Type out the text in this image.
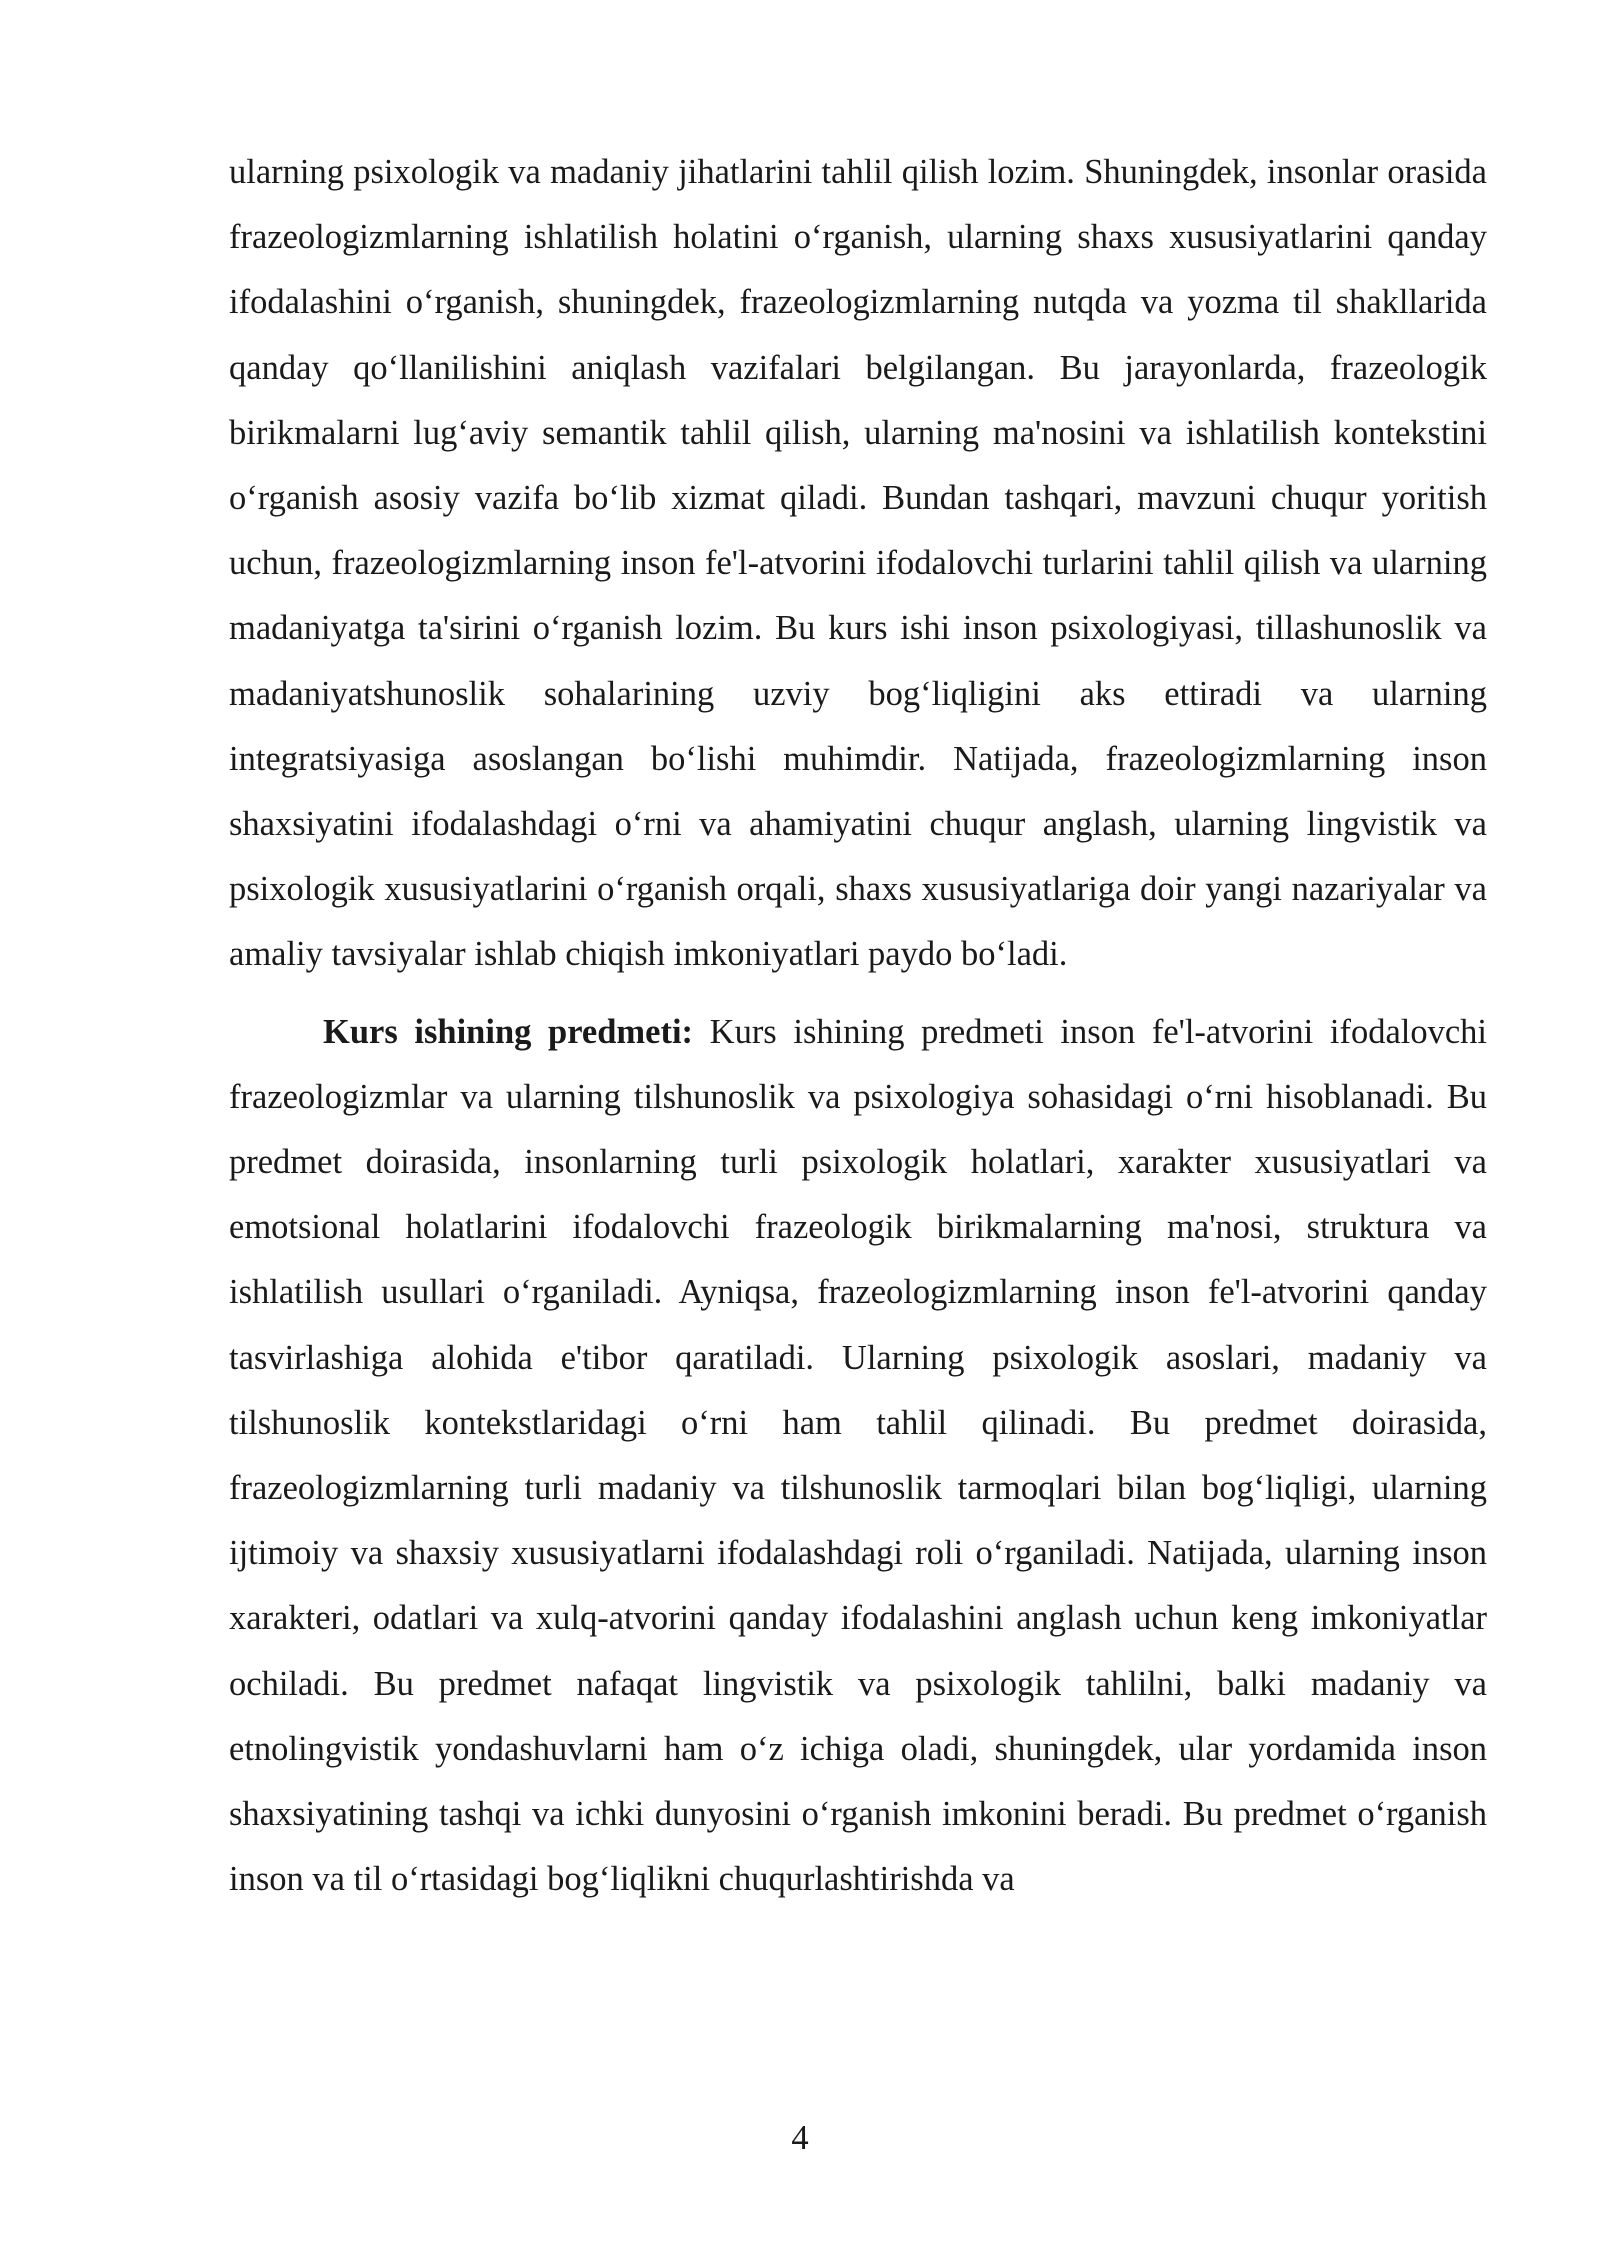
ularning psixologik va madaniy jihatlarini tahlil qilish lozim. Shuningdek, insonlar orasida frazeologizmlarning ishlatilish holatini o‘rganish, ularning shaxs xususiyatlarini qanday ifodalashini o‘rganish, shuningdek, frazeologizmlarning nutqda va yozma til shakllarida qanday qo‘llanilishini aniqlash vazifalari belgilangan. Bu jarayonlarda, frazeologik birikmalarni lug‘aviy semantik tahlil qilish, ularning ma'nosini va ishlatilish kontekstini o‘rganish asosiy vazifa bo‘lib xizmat qiladi. Bundan tashqari, mavzuni chuqur yoritish uchun, frazeologizmlarning inson fe'l-atvorini ifodalovchi turlarini tahlil qilish va ularning madaniyatga ta'sirini o‘rganish lozim. Bu kurs ishi inson psixologiyasi, tillashunoslik va madaniyatshunoslik sohalarining uzviy bog‘liqligini aks ettiradi va ularning integratsiyasiga asoslangan bo‘lishi muhimdir. Natijada, frazeologizmlarning inson shaxsiyatini ifodalashdagi o‘rni va ahamiyatini chuqur anglash, ularning lingvistik va psixologik xususiyatlarini o‘rganish orqali, shaxs xususiyatlariga doir yangi nazariyalar va amaliy tavsiyalar ishlab chiqish imkoniyatlari paydo bo‘ladi.

Kurs ishining predmeti: Kurs ishining predmeti inson fe'l-atvorini ifodalovchi frazeologizmlar va ularning tilshunoslik va psixologiya sohasidagi o‘rni hisoblanadi. Bu predmet doirasida, insonlarning turli psixologik holatlari, xarakter xususiyatlari va emotsional holatlarini ifodalovchi frazeologik birikmalarning ma'nosi, struktura va ishlatilish usullari o‘rganiladi. Ayniqsa, frazeologizmlarning inson fe'l-atvorini qanday tasvirlashiga alohida e'tibor qaratiladi. Ularning psixologik asoslari, madaniy va tilshunoslik kontekstlaridagi o‘rni ham tahlil qilinadi. Bu predmet doirasida, frazeologizmlarning turli madaniy va tilshunoslik tarmoqlari bilan bog‘liqligi, ularning ijtimoiy va shaxsiy xususiyatlarni ifodalashdagi roli o‘rganiladi. Natijada, ularning inson xarakteri, odatlari va xulq-atvorini qanday ifodalashini anglash uchun keng imkoniyatlar ochiladi. Bu predmet nafaqat lingvistik va psixologik tahlilni, balki madaniy va etnolingvistik yondashuvlarni ham o‘z ichiga oladi, shuningdek, ular yordamida inson shaxsiyatining tashqi va ichki dunyosini o‘rganish imkonini beradi. Bu predmet o‘rganish inson va til o‘rtasidagi bog‘liqlikni chuqurlashtirishda va

4
